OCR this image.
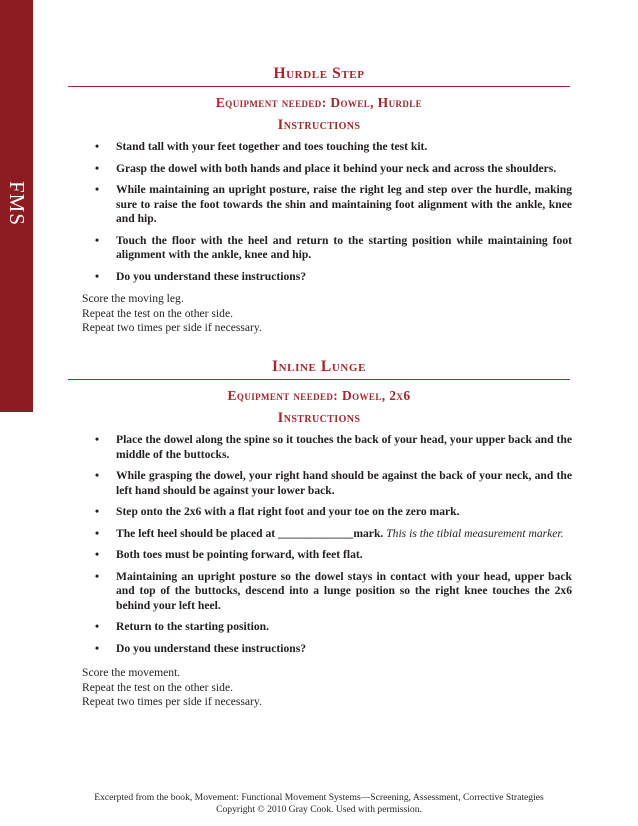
FMS
Hurdle Step
Equipment needed: Dowel, Hurdle
Instructions
• Stand tall with your feet together and toes touching the test kit.
• Grasp the dowel with both hands and place it behind your neck and across the shoulders.
• While maintaining an upright posture, raise the right leg and step over the hurdle, making sure to raise the foot towards the shin and maintaining foot alignment with the ankle, knee and hip.
• Touch the floor with the heel and return to the starting position while maintaining foot alignment with the ankle, knee and hip.
• Do you understand these instructions?
Score the moving leg.
Repeat the test on the other side.
Repeat two times per side if necessary.
Inline Lunge
Equipment needed: Dowel, 2x6
Instructions
• Place the dowel along the spine so it touches the back of your head, your upper back and the middle of the buttocks.
• While grasping the dowel, your right hand should be against the back of your neck, and the left hand should be against your lower back.
• Step onto the 2x6 with a flat right foot and your toe on the zero mark.
• The left heel should be placed at _____________mark. This is the tibial measurement marker.
• Both toes must be pointing forward, with feet flat.
• Maintaining an upright posture so the dowel stays in contact with your head, upper back and top of the buttocks, descend into a lunge position so the right knee touches the 2x6 behind your left heel.
• Return to the starting position.
• Do you understand these instructions?
Score the movement.
Repeat the test on the other side.
Repeat two times per side if necessary.
Excerpted from the book, Movement: Functional Movement Systems—Screening, Assessment, Corrective Strategies
Copyright © 2010 Gray Cook. Used with permission.
